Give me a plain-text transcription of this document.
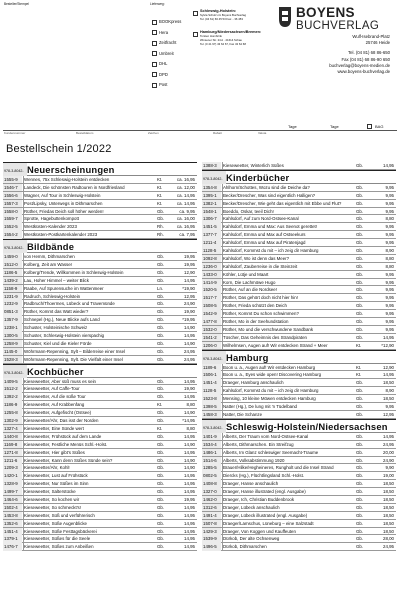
Besteller/Stempel	Lieferweg:
BOOKpress
Hera
Zeitfracht
Umbreit
DHL
DPD
Post
Schleswig-Holstein:
Sylvia Schulz c/o Boyens Buchverlag
Tel. (04 61) 66 45 53 Fax: - 36 453
Hamburg/Niedersachsen/Bremen:
Torsten Hombrink
Winsener Str. 24 A · 21614 Schau
Tel. (0 41 97) 43 64 67, Fax 43 64 68
BOYENS
BUCHVERLAG
Wulf-Isebrand-Platz
25746 Heide
Tel. (04 81) 68 86-650
Fax (04 81) 68 86-90 650
buchverlag@boyens-medien.de
www.boyens-buchverlag.de
Kundennummer	Bestelldatum	Zeichen	Rabatt	Valuta
Tage	Tage	BAG
Bestellschein 1/2022
978-3-8042- Neuerscheinungen
1555-9	Wennes, 75x Schleswig-Holstein entdecken	Kt.	ca. 16,95
1546-7	Landeck, Die schönsten Radtouren in Nordfriesland	Kt.	ca. 12,00
1556-6	Wagner, Auf Tour in Schleswig-Holstein	Kt.	ca. 14,95
1557-3	Post/Lipsky, Unterwegs in Dithmarschen	Kt.	ca. 14,95
1558-0	Rüther, Friedas Deich soll höher werden!	Gb.	ca. 9,95
1559-7	Sprotte, Hagebuttenkompott	Gb.	ca. 16,00
1552-5	Westküsten-Kalender 2023	Rh.	ca. 16,95
1554-2	Westküsten-Postkartenkalender 2023	Rh.	ca. 7,95
978-3-8042- Bildbände
1459-0	von Hemm, Dithmarschen	Gb.	19,95
1512-0	Kolberg, Zeit am Wasser	Gb.	19,95
1186-5	Kolberg/Trende, Willkommen in Schleswig-Holstein	Gb.	12,90
1439-2	Lau, Hoher Himmel – weiter Blick	Gb.	14,95
1158-9	Raabe, Auf Spurensuche im Wattenmeer	Ln.	*19,90
1231-9	Radruch, Schleswig-Holstein	Gb.	12,95
1232-9	Radbruch/Thoermes, Lübeck und Travemünde	Gb.	24,90
0851-3	Rüther, Kommt das Watt wieder?	Gb.	19,90
1357-9	Schnepel (Hg.), Neue Blicke aufs Land	Gb.	*19,95
1238-1	Schuster, Holsteinische Schweiz	Gb.	14,90
1300-5	Schuster, Schleswig-Holstein vierspachig	Gb.	14,95
1258-9	Schuster, Kiel und die Kieler Förde	Gb.	14,90
1145-0	Wöhrmann-Repenning, Sylt – Bilderreise einer Insel	Gb.	24,95
1528-3	Wöhrmann-Repenning, Sylt. Die Vielfalt einer Insel	Gb.	24,95
978-3-8042- Kochbücher
1409-5	Kieseweetter, Aber süß muss es sein	Gb.	14,95
1512-2	Kieseweetter, Auf Caffe-Tour	Gb.	19,90
1392-2	Kieseweetter, Auf die süße Tour	Gb.	14,95
1186-9	Kieseweetter, Auf Krabbenfang	Kt.	8,80
1255-8	Kieseweetter, Aufgefischt (Ostsee)	Gb.	14,90
1302-9	Kieseweetter/Ahr, Das isst der Norden	Gb.	*14,95
1327-4	Kieseweetter, Eine Sünde wert	Kt.	8,80
1440-8	Kieseweetter, Frühstück auf dem Lande	Gb.	14,95
1169-8	Kieseweetter, Festliche Menüs Schl.-Holst.	Gb.	14,90
1271-8	Kieseweetter, Hier gibt's Süßes	Gb.	14,95
1211-6	Kieseweetter, Kann denn Süßes Sünde sein?	Gb.	14,90
1209-3	Kieseweetter/Ahr, Kohl!	Gb.	14,90
1420-1	Kieseweetter, Lust auf Frühstück	Gb.	14,95
1328-9	Kieseweetter, Nur Süßes im Sinn	Gb.	14,95
1499-7	Kieseweetter, Salterstücke	Gb.	14,95
1464-6	Kieseweetter, So kochen wir	Gb.	19,95
1502-4	Kieseweetter, So schmeckt's!	Gb.	14,95
1453-8	Kieseweetter, Süß und verführerisch	Gb.	14,95
1352-6	Kieseweetter, Süße Augenblicke	Gb.	14,95
1451-4	Kieseweetter, Süße Festtagsbäckerei	Gb.	14,95
1379-1	Kieseweetter, Süßes für die Seele	Gb.	14,95
1476-7	Kieseweetter, Süßes zum Anbeißen	Gb.	14,95
1388-3	Kieseweetter, Winterlich Süßes	Gb.	14,95
978-3-8042- Kinderbücher
1354-8	Ahlhorn/Schottes, Wozu sind die Deiche da?	Gb.	9,95
1395-1	Becker/Drescher, Was sind eigentlich Halligen?	Gb.	9,95
1382-1	Becker/Drescher, Wie geht das eigentlich mit Ebbe und Flut?	Gb.	9,95
1548-1	Boeddo, Oskar, teeil Dich!	Gb.	9,95
1306-7	Kahlsdorf, Auf zum Nord-Ostsee-Kanal	Gb.	8,80
1451-5	Kahlsdorf, Emma und Max: Aus Seenot gerettet!	Gb.	9,95
1377-7	Kahlsdorf, Emma und Max auf Ostseekurs	Gb.	9,95
1211-4	Kahlsdorf, Emma und Max auf Piratenjagd	Gb.	9,95
1128-5	Kahlsdorf, Kommst du mit – ich zeig dir Hamburg	Gb.	8,90
1092-8	Kahlsdorf, Wo ist denn das Meer?	Gb.	8,80
1236-0	Kahlsdorf, Zauberreise in die Steinzeit	Gb.	8,80
1433-0	Köhler, Lütje und Maart	Gb.	9,95
1414-9	Korn, Die Lachmöwe Hugo	Gb.	9,95
1520-5	Rüther, Auf an die Nordsee!	Gb.	9,95
1517-7	Rüther, Das gehört doch nicht hier hin!	Gb.	9,95
1508-5	Rüther, Frieda schützt den Deich	Gb.	9,95
1542-9	Rüther, Kommt Du schon schwimmen?	Gb.	9,95
1477-8	Rüther, Mo in der Seehundstation	Gb.	9,95
1532-0	Rüther, Mo und die verschwundene Sandbank	Gb.	9,95
1541-2	Tüscher, Das Geheimnis des Strandpiraten	Gb.	14,95
1206-0	Wilhelmsen, Augen auf! Wir entdecken Strand + Meer	Kt.	*12,90
978-3-8042- Hamburg
1189-6	Boon u. a., Augen auf! Wir entdecken Hamburg	Kt.	12,90
1506-1	Boon u. a., Eyes wide open! Discovering Hamburg	Kt.	14,95
1451-4	Draeger, Hamburg anschaulich	Gb.	18,50
1128-5	Kahlsdorf, Kommst du mit – ich zeig dir Hamburg	Gb.	8,90
1523-8	Mensing, 10 kleine Möwen entdecken Hamburg	Gb.	18,50
1398-5	Natter (Hg.), De lung mit 'n Tüdelband	Gb.	9,95
1458-3	Natter, Die Schanze	Gb.	12,95
978-3-8042- Schleswig-Holstein/Niedersachsen
1401-9	Alberts, Der Traum vom Nord-Ostsee-Kanal	Gb.	14,95
1534-4	Alberts, Dithmarschen. Ein Streifzug	Gb.	24,95
1486-1	Alberts, Im Glanz schleswiger Seemacht-Traume	Gb.	20,00
1514-6	Alberts, Volksabstimmung 1920	Gb.	24,90
1285-5	Brauer/Hilke/Hegheineres, Rungholt und die Insel Strand	Gb.	9,90
0802-5	Diercks (Hg.), Flüchtlingsland Schl.-Holst.	Gb.	19,00
1408-8	Draeger, Hanse anschaulich	Gb.	18,50
1327-0	Draeger, Hanse illustrated (engl. Ausgabe)	Gb.	18,50
1462-0	Draeger, Ich, Christian Buddenbrook	Gb.	18,50
1312-6	Draeger, Lübeck anschaulich	Gb.	18,50
1491-4	Draeger, Lübeck illustrated (engl. Ausgabe)	Gb.	18,50
1507-8	Draeger/Lamschus, Lüneburg – eine Salzstadt	Gb.	18,50
1429-3	Draeger, Von Koggen und Kauffeuten	Gb.	18,50
1539-9	Dürkob, Der alte Ochsenweg	Gb.	28,00
1496-5	Dürkob, Dithmarschen	Gb.	24,95
